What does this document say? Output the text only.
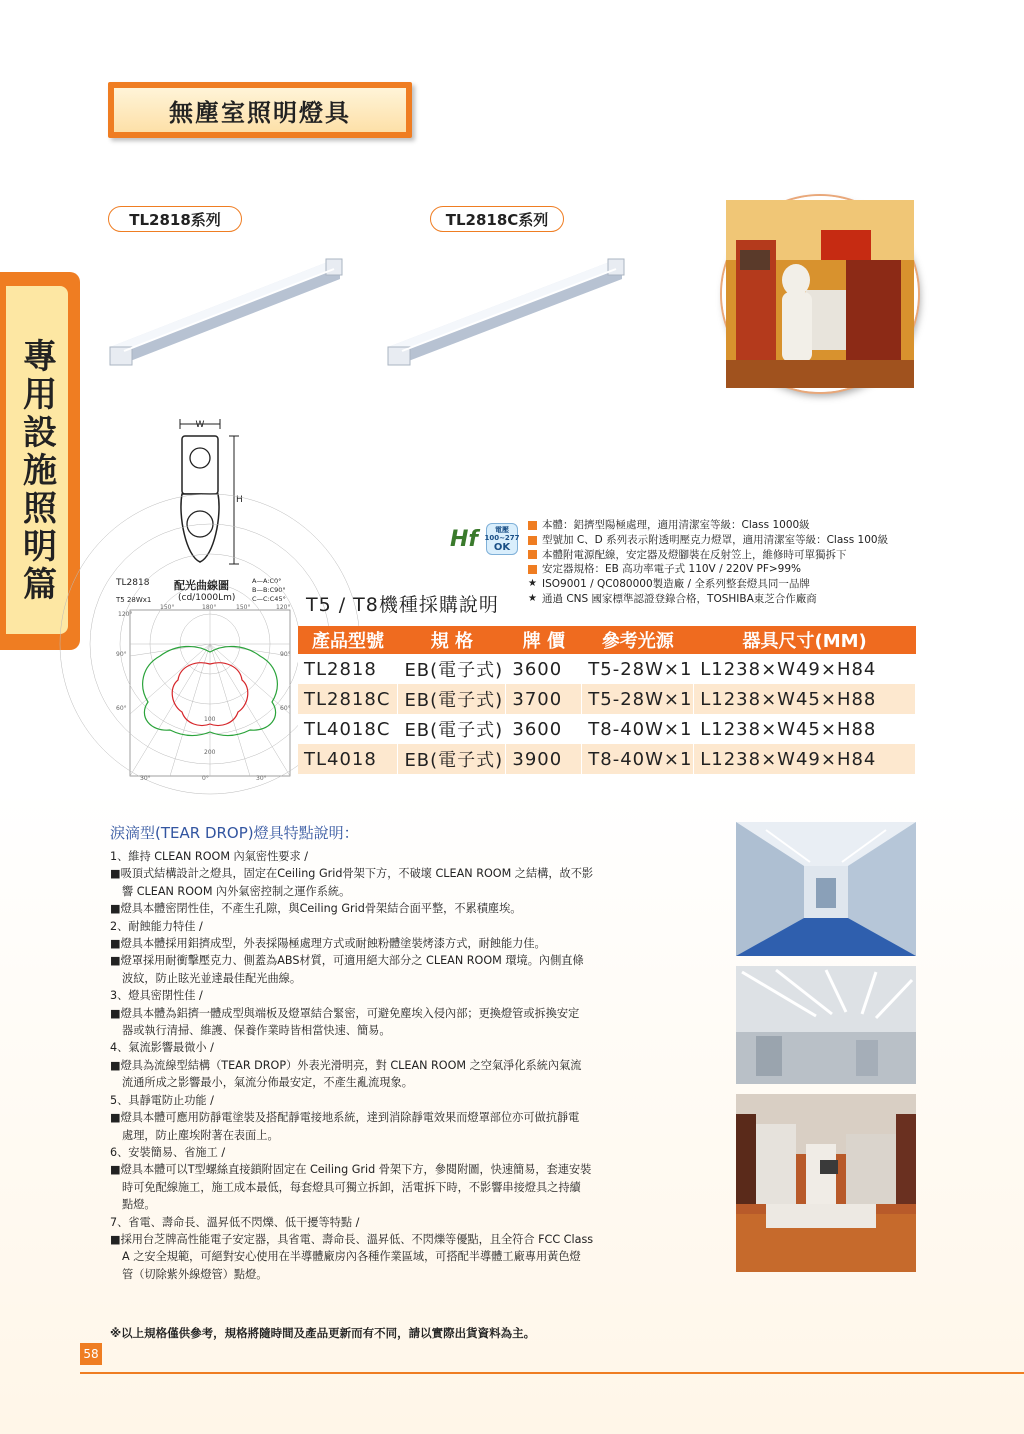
專用設施照明篇
無塵室照明燈具
TL2818系列	TL2818C系列
W
H
TL2818
T5 28Wx1
配光曲線圖
(cd/1000Lm)
A—A:C0°
B—B:C90°
C—C:C45°
120°
150°	180°	150°	120°
90°	90°
60°	60°
30°	0°	30°
100
200
Hf	電壓
100~277
OK
本體：鋁擠型陽極處理，適用清潔室等級：Class 1000級
型號加 C、D 系列表示附透明壓克力燈罩，適用清潔室等級：Class 100級
本體附電源配線，安定器及燈腳裝在反射笠上，維修時可單獨拆下
安定器規格：EB 高功率電子式 110V / 220V PF>99%
★ ISO9001 / QC080000製造廠 / 全系列整套燈具同一品牌
★ 通過 CNS 國家標準認證登錄合格，TOSHIBA東芝合作廠商
T5 / T8機種採購說明
產品型號	規 格	牌 價	參考光源	器具尺寸(MM)
TL2818	EB(電子式)	3600	T5-28W×1	L1238×W49×H84
TL2818C	EB(電子式)	3700	T5-28W×1	L1238×W45×H88
TL4018C	EB(電子式)	3600	T8-40W×1	L1238×W45×H88
TL4018	EB(電子式)	3900	T8-40W×1	L1238×W49×H84
淚滴型(TEAR DROP)燈具特點說明：
1、維持 CLEAN ROOM 內氣密性要求 /
■吸頂式結構設計之燈具，固定在Ceiling Grid骨架下方，不破壞 CLEAN ROOM 之結構，故不影
響 CLEAN ROOM 內外氣密控制之運作系統。
■燈具本體密閉性佳，不產生孔隙，與Ceiling Grid骨架結合面平整，不累積塵埃。
2、耐蝕能力特佳 /
■燈具本體採用鋁擠成型，外表採陽極處理方式或耐蝕粉體塗裝烤漆方式，耐蝕能力佳。
■燈罩採用耐衝擊壓克力、側蓋為ABS材質，可適用絕大部分之 CLEAN ROOM 環境。內側直條
波紋，防止眩光並達最佳配光曲線。
3、燈具密閉性佳 /
■燈具本體為鋁擠一體成型與端板及燈罩結合緊密，可避免塵埃入侵內部；更換燈管或拆換安定
器或執行清掃、維護、保養作業時皆相當快速、簡易。
4、氣流影響最微小 /
■燈具為流線型結構（TEAR DROP）外表光滑明亮，對 CLEAN ROOM 之空氣淨化系統內氣流
流通所成之影響最小，氣流分佈最安定，不產生亂流現象。
5、具靜電防止功能 /
■燈具本體可應用防靜電塗裝及搭配靜電接地系統，達到消除靜電效果而燈罩部位亦可做抗靜電
處理，防止塵埃附著在表面上。
6、安裝簡易、省施工 /
■燈具本體可以T型螺絲直接鎖附固定在 Ceiling Grid 骨架下方，參閱附圖，快速簡易，套連安裝
時可免配線施工，施工成本最低，每套燈具可獨立拆卸，活電拆下時，不影響串接燈具之持續
點燈。
7、省電、壽命長、溫昇低不閃爍、低干擾等特點 /
■採用台芝牌高性能電子安定器，具省電、壽命長、溫昇低、不閃爍等優點，且全符合 FCC Class
A 之安全規範，可絕對安心使用在半導體廠房內各種作業區域，可搭配半導體工廠專用黃色燈
管（切除紫外線燈管）點燈。
※以上規格僅供參考，規格將隨時間及產品更新而有不同，請以實際出貨資料為主。
58
